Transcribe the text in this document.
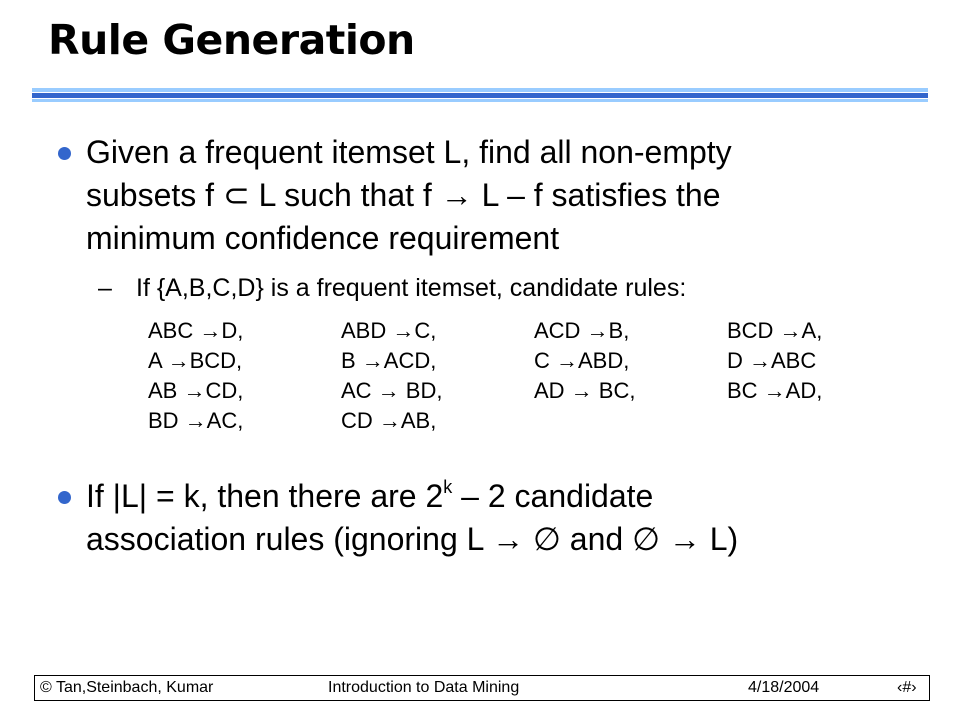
Rule Generation
Given a frequent itemset L, find all non-empty
subsets f ⊂ L such that f → L – f satisfies the
minimum confidence requirement
– If {A,B,C,D} is a frequent itemset, candidate rules:
ABC →D,	ABD →C,	ACD →B,	BCD →A,
A →BCD,	B →ACD,	C →ABD,	D →ABC
AB →CD,	AC → BD,	AD → BC,	BC →AD,
BD →AC,	CD →AB,
If |L| = k, then there are 2$^k$ – 2 candidate
association rules (ignoring L → ∅ and ∅ → L)
© Tan,Steinbach, Kumar	Introduction to Data Mining	4/18/2004	‹#›
